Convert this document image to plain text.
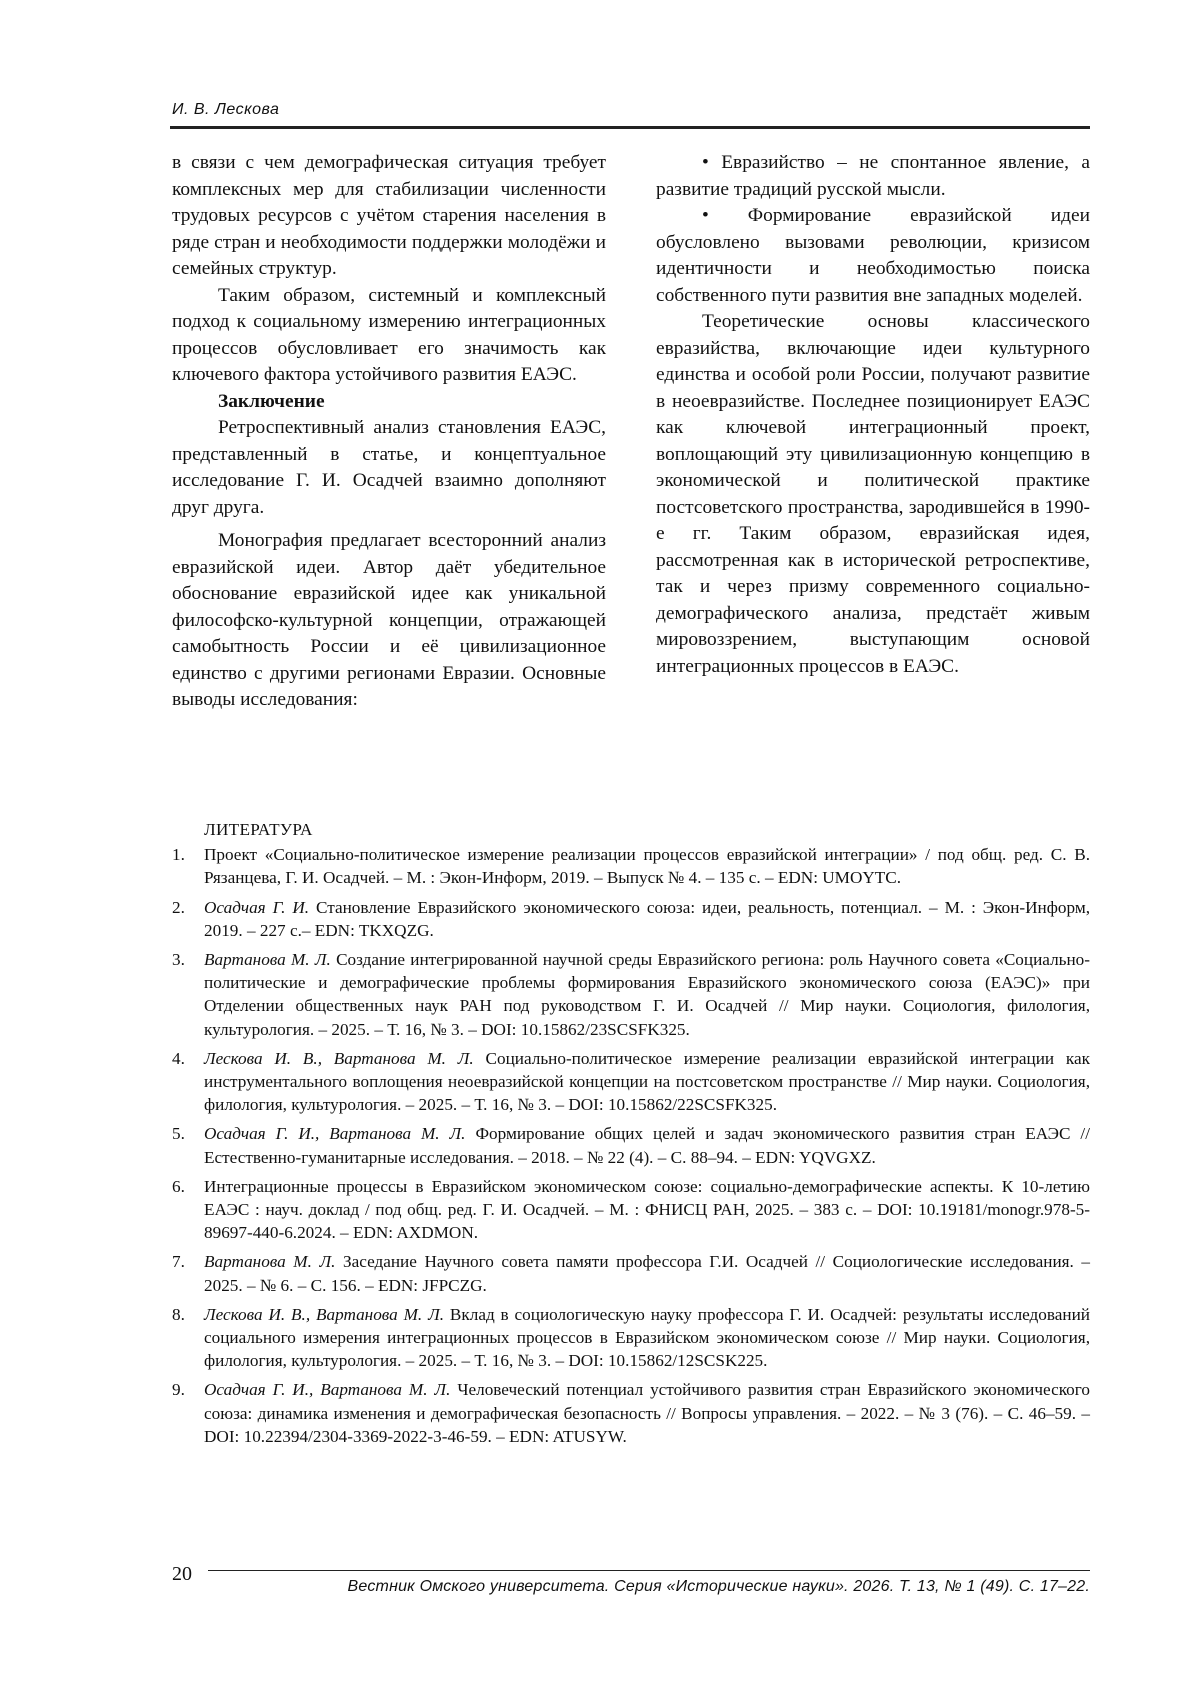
И. В. Лескова

в связи с чем демографическая ситуация требует комплексных мер для стабилизации численности трудовых ресурсов с учётом старения населения в ряде стран и необходимости поддержки молодёжи и семейных структур.

Таким образом, системный и комплексный подход к социальному измерению интеграционных процессов обусловливает его значимость как ключевого фактора устойчивого развития ЕАЭС.

Заключение

Ретроспективный анализ становления ЕАЭС, представленный в статье, и концептуальное исследование Г. И. Осадчей взаимно дополняют друг друга.

Монография предлагает всесторонний анализ евразийской идеи. Автор даёт убедительное обоснование евразийской идее как уникальной философско-культурной концепции, отражающей самобытность России и её цивилизационное единство с другими регионами Евразии. Основные выводы исследования:

• Евразийство – не спонтанное явление, а развитие традиций русской мысли.

• Формирование евразийской идеи обусловлено вызовами революции, кризисом идентичности и необходимостью поиска собственного пути развития вне западных моделей.

Теоретические основы классического евразийства, включающие идеи культурного единства и особой роли России, получают развитие в неоевразийстве. Последнее позиционирует ЕАЭС как ключевой интеграционный проект, воплощающий эту цивилизационную концепцию в экономической и политической практике постсоветского пространства, зародившейся в 1990-е гг. Таким образом, евразийская идея, рассмотренная как в исторической ретроспективе, так и через призму современного социально-демографического анализа, предстаёт живым мировоззрением, выступающим основой интеграционных процессов в ЕАЭС.

ЛИТЕРАТУРА
1. Проект «Социально-политическое измерение реализации процессов евразийской интеграции» / под общ. ред. С. В. Рязанцева, Г. И. Осадчей. – М. : Экон-Информ, 2019. – Выпуск № 4. – 135 с. – EDN: UMOYTC.
2. Осадчая Г. И. Становление Евразийского экономического союза: идеи, реальность, потенциал. – М. : Экон-Информ, 2019. – 227 с.– EDN: TKXQZG.
3. Вартанова М. Л. Создание интегрированной научной среды Евразийского региона: роль Научного совета «Социально-политические и демографические проблемы формирования Евразийского экономического союза (ЕАЭС)» при Отделении общественных наук РАН под руководством Г. И. Осадчей // Мир науки. Социология, филология, культурология. – 2025. – Т. 16, № 3. – DOI: 10.15862/23SCSFK325.
4. Лескова И. В., Вартанова М. Л. Социально-политическое измерение реализации евразийской интеграции как инструментального воплощения неоевразийской концепции на постсоветском пространстве // Мир науки. Социология, филология, культурология. – 2025. – Т. 16, № 3. – DOI: 10.15862/22SCSFK325.
5. Осадчая Г. И., Вартанова М. Л. Формирование общих целей и задач экономического развития стран ЕАЭС // Естественно-гуманитарные исследования. – 2018. – № 22 (4). – С. 88–94. – EDN: YQVGXZ.
6. Интеграционные процессы в Евразийском экономическом союзе: социально-демографические аспекты. К 10-летию ЕАЭС : науч. доклад / под общ. ред. Г. И. Осадчей. – М. : ФНИСЦ РАН, 2025. – 383 с. – DOI: 10.19181/monogr.978-5-89697-440-6.2024. – EDN: AXDMON.
7. Вартанова М. Л. Заседание Научного совета памяти профессора Г.И. Осадчей // Социологические исследования. – 2025. – № 6. – С. 156. – EDN: JFPCZG.
8. Лескова И. В., Вартанова М. Л. Вклад в социологическую науку профессора Г. И. Осадчей: результаты исследований социального измерения интеграционных процессов в Евразийском экономическом союзе // Мир науки. Социология, филология, культурология. – 2025. – Т. 16, № 3. – DOI: 10.15862/12SCSK225.
9. Осадчая Г. И., Вартанова М. Л. Человеческий потенциал устойчивого развития стран Евразийского экономического союза: динамика изменения и демографическая безопасность // Вопросы управления. – 2022. – № 3 (76). – С. 46–59. – DOI: 10.22394/2304-3369-2022-3-46-59. – EDN: ATUSYW.
20
Вестник Омского университета. Серия «Исторические науки». 2026. Т. 13, № 1 (49). С. 17–22.
